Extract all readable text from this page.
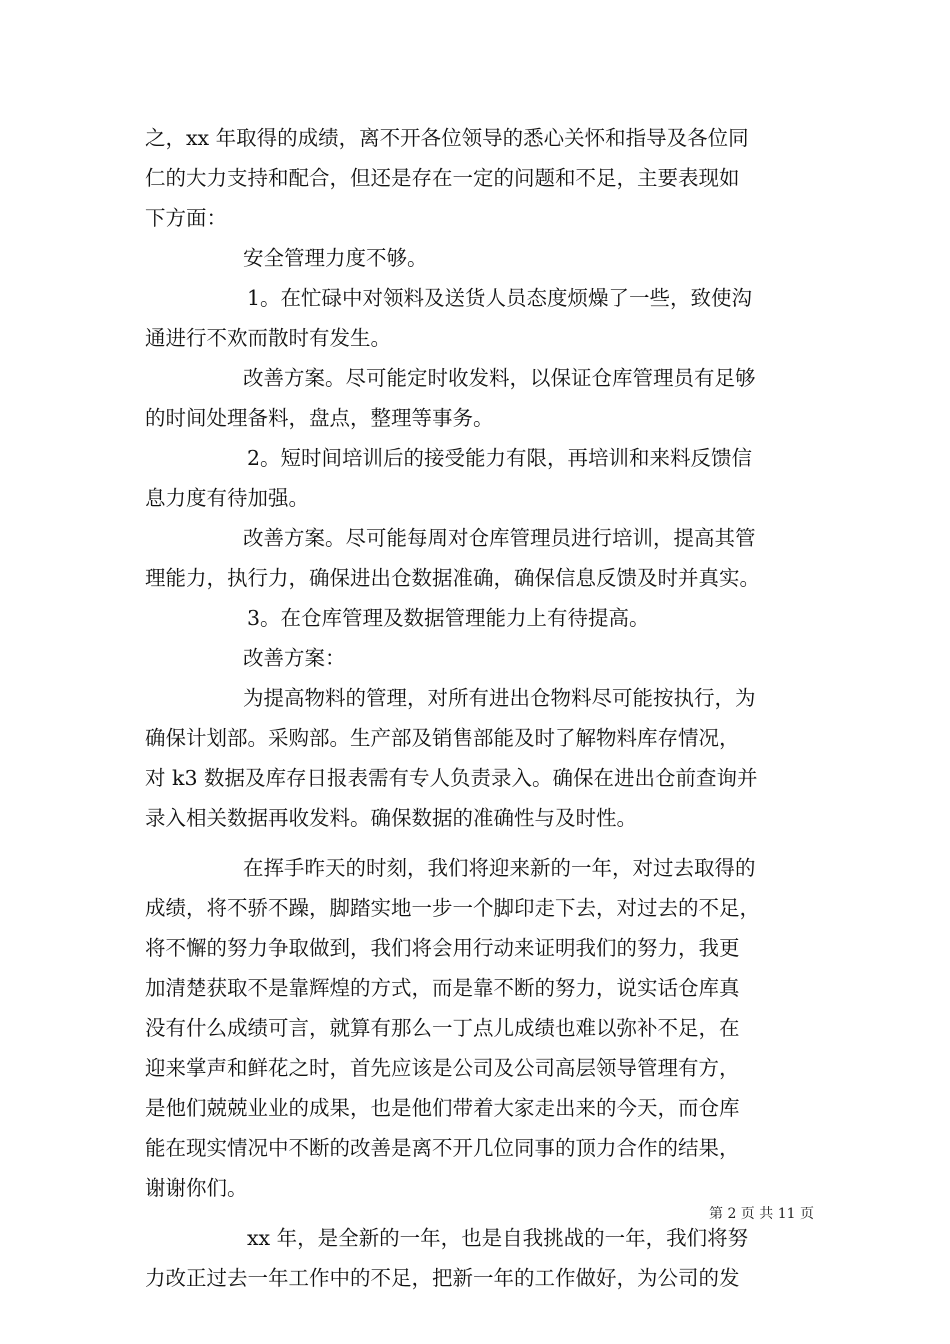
之，xx 年取得的成绩，离不开各位领导的悉心关怀和指导及各位同
仁的大力支持和配合，但还是存在一定的问题和不足，主要表现如
下方面：
安全管理力度不够。
1。在忙碌中对领料及送货人员态度烦燥了一些，致使沟
通进行不欢而散时有发生。
改善方案。尽可能定时收发料，以保证仓库管理员有足够
的时间处理备料，盘点，整理等事务。
2。短时间培训后的接受能力有限，再培训和来料反馈信
息力度有待加强。
改善方案。尽可能每周对仓库管理员进行培训，提高其管
理能力，执行力，确保进出仓数据准确，确保信息反馈及时并真实。
3。在仓库管理及数据管理能力上有待提高。
改善方案：
为提高物料的管理，对所有进出仓物料尽可能按执行，为
确保计划部。采购部。生产部及销售部能及时了解物料库存情况，
对 k3 数据及库存日报表需有专人负责录入。确保在进出仓前查询并
录入相关数据再收发料。确保数据的准确性与及时性。
在挥手昨天的时刻，我们将迎来新的一年，对过去取得的
成绩，将不骄不躁，脚踏实地一步一个脚印走下去，对过去的不足，
将不懈的努力争取做到，我们将会用行动来证明我们的努力，我更
加清楚获取不是靠辉煌的方式，而是靠不断的努力，说实话仓库真
没有什么成绩可言，就算有那么一丁点儿成绩也难以弥补不足，在
迎来掌声和鲜花之时，首先应该是公司及公司高层领导管理有方，
是他们兢兢业业的成果，也是他们带着大家走出来的今天，而仓库
能在现实情况中不断的改善是离不开几位同事的顶力合作的结果，
谢谢你们。
xx 年，是全新的一年，也是自我挑战的一年，我们将努
力改正过去一年工作中的不足，把新一年的工作做好，为公司的发
第 2 页 共 11 页
